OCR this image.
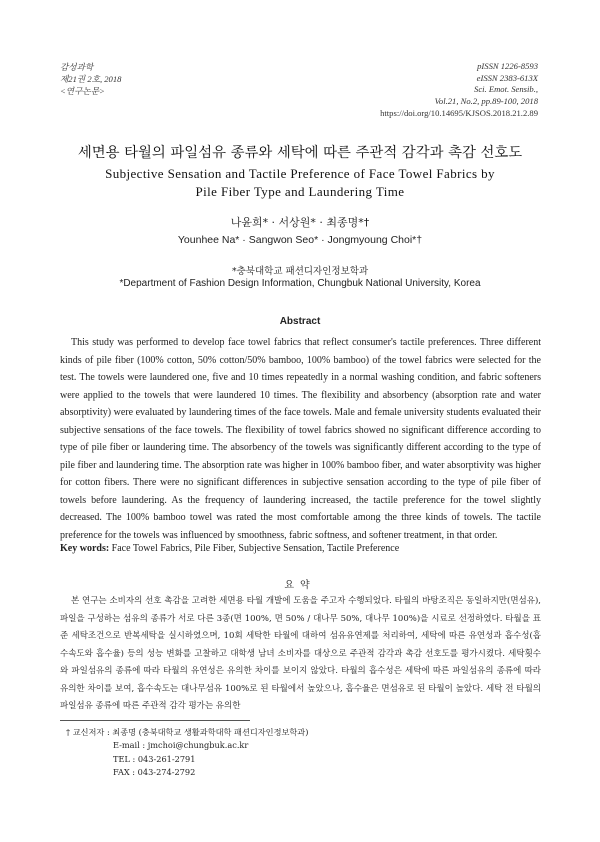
감성과학
제21권 2호, 2018
<연구논문>
pISSN 1226-8593
eISSN 2383-613X
Sci. Emot. Sensib.,
Vol.21, No.2, pp.89-100, 2018
https://doi.org/10.14695/KJSOS.2018.21.2.89
세면용 타월의 파일섬유 종류와 세탁에 따른 주관적 감각과 촉감 선호도
Subjective Sensation and Tactile Preference of Face Towel Fabrics by
Pile Fiber Type and Laundering Time
나윤희* · 서상원* · 최종명*†
Younhee Na* · Sangwon Seo* · Jongmyoung Choi*†
*충북대학교 패션디자인정보학과
*Department of Fashion Design Information, Chungbuk National University, Korea
Abstract

This study was performed to develop face towel fabrics that reflect consumer's tactile preferences. Three different kinds of pile fiber (100% cotton, 50% cotton/50% bamboo, 100% bamboo) of the towel fabrics were selected for the test. The towels were laundered one, five and 10 times repeatedly in a normal washing condition, and fabric softeners were applied to the towels that were laundered 10 times. The flexibility and absorbency (absorption rate and water absorptivity) were evaluated by laundering times of the face towels. Male and female university students evaluated their subjective sensations of the face towels. The flexibility of towel fabrics showed no significant difference according to type of pile fiber or laundering time. The absorbency of the towels was significantly different according to the type of pile fiber and laundering time. The absorption rate was higher in 100% bamboo fiber, and water absorptivity was higher for cotton fibers. There were no significant differences in subjective sensation according to the type of pile fiber of towels before laundering. As the frequency of laundering increased, the tactile preference for the towel slightly decreased. The 100% bamboo towel was rated the most comfortable among the three kinds of towels. The tactile preference for the towels was influenced by smoothness, fabric softness, and softener treatment, in that order.

Key words: Face Towel Fabrics, Pile Fiber, Subjective Sensation, Tactile Preference
요약

본 연구는 소비자의 선호 촉감을 고려한 세면용 타월 개발에 도움을 주고자 수행되었다. 타월의 바탕조직은 동일하지만(면섬유), 파일을 구성하는 섬유의 종류가 서로 다른 3종(면 100%, 면 50% / 대나무 50%, 대나무 100%)을 시료로 선정하였다. 타월을 표준 세탁조건으로 반복세탁을 실시하였으며, 10회 세탁한 타월에 대하여 섬유유연제를 처리하여, 세탁에 따른 유연성과 흡수성(흡수속도와 흡수율) 등의 성능 변화를 고찰하고 대학생 남녀 소비자를 대상으로 주관적 감각과 촉감 선호도를 평가시켰다. 세탁횟수와 파일섬유의 종류에 따라 타월의 유연성은 유의한 차이를 보이지 않았다. 타월의 흡수성은 세탁에 따른 파일섬유의 종류에 따라 유의한 차이를 보여, 흡수속도는 대나무섬유 100%로 된 타월에서 높았으나, 흡수율은 면섬유로 된 타월이 높았다. 세탁 전 타월의 파일섬유 종류에 따른 주관적 감각 평가는 유의한

† 교신저자 : 최종명 (충북대학교 생활과학대학 패션디자인정보학과)
E-mail : jmchoi@chungbuk.ac.kr
TEL : 043-261-2791
FAX : 043-274-2792
